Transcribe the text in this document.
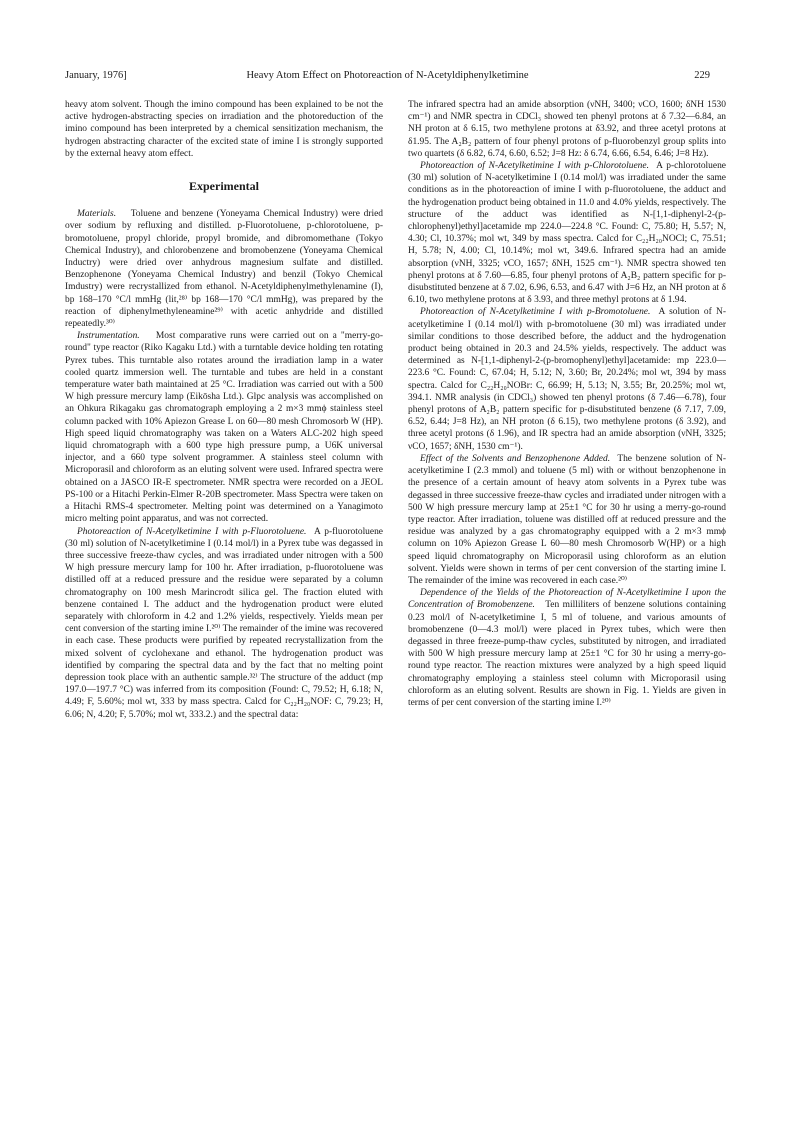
January, 1976]	Heavy Atom Effect on Photoreaction of N-Acetyldiphenylketimine	229

heavy atom solvent. Though the imino compound has been explained to be not the active hydrogen-abstracting species on irradiation and the photoreduction of the imino compound has been interpreted by a chemical sensitization mechanism, the hydrogen abstracting character of the excited state of imine I is strongly supported by the external heavy atom effect.

Experimental

Materials. Toluene and benzene (Yoneyama Chemical Industry) were dried over sodium by refluxing and distilled. p-Fluorotoluene, p-chlorotoluene, p-bromotoluene, propyl chloride, propyl bromide, and dibromomethane (Tokyo Chemical Industry), and chlorobenzene and bromobenzene (Yoneyama Chemical Inductry) were dried over anhydrous magnesium sulfate and distilled. Benzophenone (Yoneyama Chemical Industry) and benzil (Tokyo Chemical Imdustry) were recrystallized from ethanol. N-Acetyldiphenylmethylenamine (I), bp 168–170 °C/l mmHg (lit,²⁸⁾ bp 168—170 °C/l mmHg), was prepared by the reaction of diphenylmethyleneamine²⁹⁾ with acetic anhydride and distilled repeatedly.³⁰⁾

Instrumentation. Most comparative runs were carried out on a "merry-go-round" type reactor (Riko Kagaku Ltd.) with a turntable device holding ten rotating Pyrex tubes. This turntable also rotates around the irradiation lamp in a water cooled quartz immersion well. The turntable and tubes are held in a constant temperature water bath maintained at 25 °C. Irradiation was carried out with a 500 W high pressure mercury lamp (Eikōsha Ltd.). Glpc analysis was accomplished on an Ohkura Rikagaku gas chromatograph employing a 2 m×3 mmϕ stainless steel column packed with 10% Apiezon Grease L on 60—80 mesh Chromosorb W (HP). High speed liquid chromatography was taken on a Waters ALC-202 high speed liquid chromatograph with a 600 type high pressure pump, a U6K universal injector, and a 660 type solvent programmer. A stainless steel column with Microporasil and chloroform as an eluting solvent were used. Infrared spectra were obtained on a JASCO IR-E spectrometer. NMR spectra were recorded on a JEOL PS-100 or a Hitachi Perkin-Elmer R-20B spectrometer. Mass Spectra were taken on a Hitachi RMS-4 spectrometer. Melting point was determined on a Yanagimoto micro melting point apparatus, and was not corrected.

Photoreaction of N-Acetylketimine I with p-Fluorotoluene. A p-fluorotoluene (30 ml) solution of N-acetylketimine I (0.14 mol/l) in a Pyrex tube was degassed in three successive freeze-thaw cycles, and was irradiated under nitrogen with a 500 W high pressure mercury lamp for 100 hr. After irradiation, p-fluorotoluene was distilled off at a reduced pressure and the residue were separated by a column chromatography on 100 mesh Marincrodt silica gel. The fraction eluted with benzene contained I. The adduct and the hydrogenation product were eluted separately with chloroform in 4.2 and 1.2% yields, respectively. Yields mean per cent conversion of the starting imine I.²⁰⁾ The remainder of the imine was recovered in each case. These products were purified by repeated recrystallization from the mixed solvent of cyclohexane and ethanol. The hydrogenation product was identified by comparing the spectral data and by the fact that no melting point depression took place with an authentic sample.³²⁾ The structure of the adduct (mp 197.0—197.7 °C) was inferred from its composition (Found: C, 79.52; H, 6.18; N, 4.49; F, 5.60%; mol wt, 333 by mass spectra. Calcd for C₂₂H₂₀NOF: C, 79.23; H, 6.06; N, 4.20; F, 5.70%; mol wt, 333.2.) and the spectral data:

The infrared spectra had an amide absorption (νNH, 3400; νCO, 1600; δNH 1530 cm⁻¹) and NMR spectra in CDCl₃ showed ten phenyl protons at δ 7.32—6.84, an NH proton at δ 6.15, two methylene protons at δ3.92, and three acetyl protons at δ1.95. The A₂B₂ pattern of four phenyl protons of p-fluorobenzyl group splits into two quartets (δ 6.82, 6.74, 6.60, 6.52; J=8 Hz: δ 6.74, 6.66, 6.54, 6.46; J=8 Hz).

Photoreaction of N-Acetylketimine I with p-Chlorotoluene. A p-chlorotoluene (30 ml) solution of N-acetylketimine I (0.14 mol/l) was irradiated under the same conditions as in the photoreaction of imine I with p-fluorotoluene, the adduct and the hydrogenation product being obtained in 11.0 and 4.0% yields, respectively. The structure of the adduct was identified as N-[1,1-diphenyl-2-(p-chlorophenyl)ethyl]acetamide mp 224.0—224.8 °C. Found: C, 75.80; H, 5.57; N, 4.30; Cl, 10.37%; mol wt, 349 by mass spectra. Calcd for C₂₂H₂₀NOCl; C, 75.51; H, 5.78; N, 4.00; Cl, 10.14%; mol wt, 349.6. Infrared spectra had an amide absorption (νNH, 3325; νCO, 1657; δNH, 1525 cm⁻¹). NMR spectra showed ten phenyl protons at δ 7.60—6.85, four phenyl protons of A₂B₂ pattern specific for p-disubstituted benzene at δ 7.02, 6.96, 6.53, and 6.47 with J=6 Hz, an NH proton at δ 6.10, two methylene protons at δ 3.93, and three methyl protons at δ 1.94.

Photoreaction of N-Acetylketimine I with p-Bromotoluene. A solution of N-acetylketimine I (0.14 mol/l) with p-bromotoluene (30 ml) was irradiated under similar conditions to those described before, the adduct and the hydrogenation product being obtained in 20.3 and 24.5% yields, respectively. The adduct was determined as N-[1,1-diphenyl-2-(p-bromophenyl)ethyl]acetamide: mp 223.0—223.6 °C. Found: C, 67.04; H, 5.12; N, 3.60; Br, 20.24%; mol wt, 394 by mass spectra. Calcd for C₂₂H₂₀NOBr: C, 66.99; H, 5.13; N, 3.55; Br, 20.25%; mol wt, 394.1. NMR analysis (in CDCl₃) showed ten phenyl protons (δ 7.46—6.78), four phenyl protons of A₂B₂ pattern specific for p-disubstituted benzene (δ 7.17, 7.09, 6.52, 6.44; J=8 Hz), an NH proton (δ 6.15), two methylene protons (δ 3.92), and three acetyl protons (δ 1.96), and IR spectra had an amide absorption (νNH, 3325; νCO, 1657; δNH, 1530 cm⁻¹).

Effect of the Solvents and Benzophenone Added. The benzene solution of N-acetylketimine I (2.3 mmol) and toluene (5 ml) with or without benzophenone in the presence of a certain amount of heavy atom solvents in a Pyrex tube was degassed in three successive freeze-thaw cycles and irradiated under nitrogen with a 500 W high pressure mercury lamp at 25±1 °C for 30 hr using a merry-go-round type reactor. After irradiation, toluene was distilled off at reduced pressure and the residue was analyzed by a gas chromatography equipped with a 2 m×3 mmϕ column on 10% Apiezon Grease L 60—80 mesh Chromosorb W(HP) or a high speed liquid chromatography on Microporasil using chloroform as an elution solvent. Yields were shown in terms of per cent conversion of the starting imine I. The remainder of the imine was recovered in each case.²⁰⁾

Dependence of the Yields of the Photoreaction of N-Acetylketimine I upon the Concentration of Bromobenzene. Ten milliliters of benzene solutions containing 0.23 mol/l of N-acetylketimine I, 5 ml of toluene, and various amounts of bromobenzene (0—4.3 mol/l) were placed in Pyrex tubes, which were then degassed in three freeze-pump-thaw cycles, substituted by nitrogen, and irradiated with 500 W high pressure mercury lamp at 25±1 °C for 30 hr using a merry-go-round type reactor. The reaction mixtures were analyzed by a high speed liquid chromatography employing a stainless steel column with Microporasil using chloroform as an eluting solvent. Results are shown in Fig. 1. Yields are given in terms of per cent conversion of the starting imine I.²⁰⁾
